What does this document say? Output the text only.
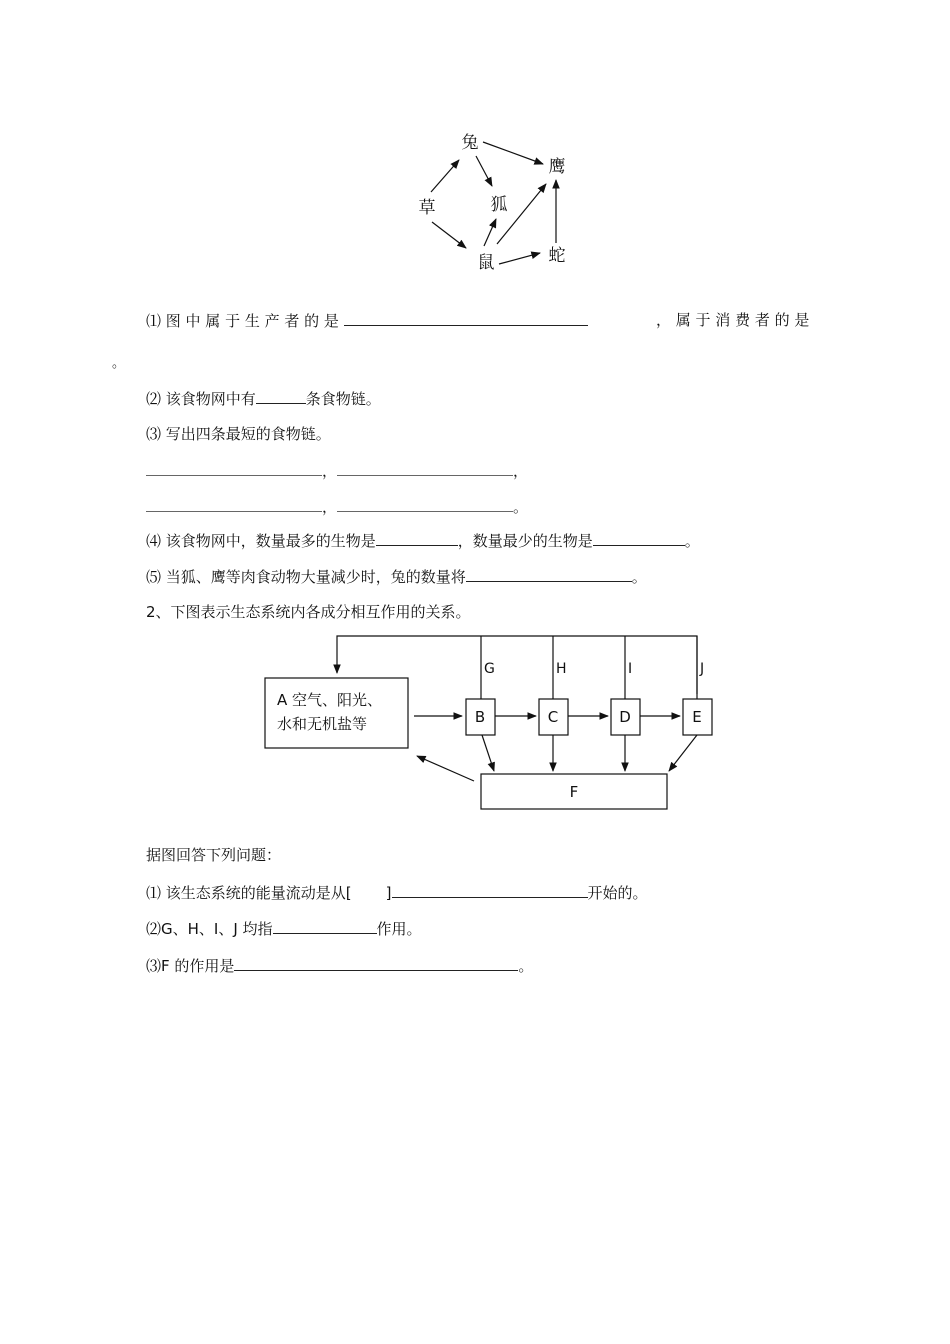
兔
鹰
草	狐
鼠	蛇
⑴ 图 中 属 于 生 产 者 的 是	， 属 于 消 费 者 的 是
。
⑵ 该食物网中有	条食物链。
⑶ 写出四条最短的食物链。
，	，
，	。
⑷ 该食物网中，数量最多的生物是	，数量最少的生物是	。
⑸ 当狐、鹰等肉食动物大量减少时，兔的数量将	。
2、下图表示生态系统内各成分相互作用的关系。
A 空气、阳光、
水和无机盐等	B	C	D	E
F
G	H	I	J
据图回答下列问题：
⑴ 该生态系统的能量流动是从[ ]	开始的。
⑵G、H、I、J 均指	作用。
⑶F 的作用是	。
